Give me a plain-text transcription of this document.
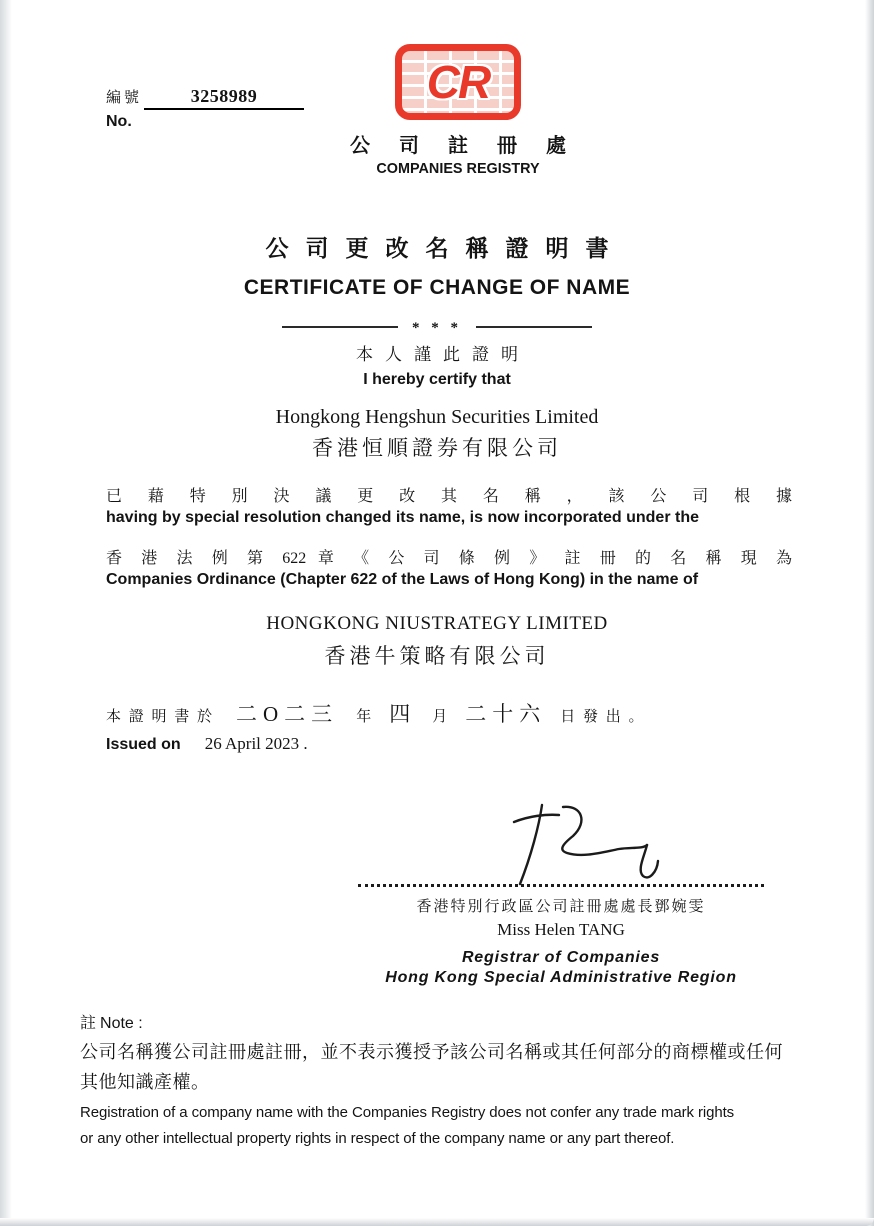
編號	3258989
No.
CR
公 司 註 冊 處
COMPANIES REGISTRY
公司更改名稱證明書
CERTIFICATE OF CHANGE OF NAME
* * *
本人謹此證明
I hereby certify that
Hongkong Hengshun Securities Limited
香港恒順證券有限公司
已 藉 特 別 決 議 更 改 其 名 稱 ， 該 公 司 根 據
having by special resolution changed its name, is now incorporated under the
香 港 法 例 第 622 章 《 公 司 條 例 》 註 冊 的 名 稱 現 為
Companies Ordinance (Chapter 622 of the Laws of Hong Kong) in the name of
HONGKONG NIUSTRATEGY LIMITED
香港牛策略有限公司
本 證 明 書 於 二O二三 年 四 月 二十六 日 發 出 。
Issued on 26 April 2023 .
香港特別行政區公司註冊處處長鄧婉雯
Miss Helen TANG
Registrar of Companies
Hong Kong Special Administrative Region
註 Note :
公司名稱獲公司註冊處註冊，並不表示獲授予該公司名稱或其任何部分的商標權或任何
其他知識產權。
Registration of a company name with the Companies Registry does not confer any trade mark rights
or any other intellectual property rights in respect of the company name or any part thereof.
